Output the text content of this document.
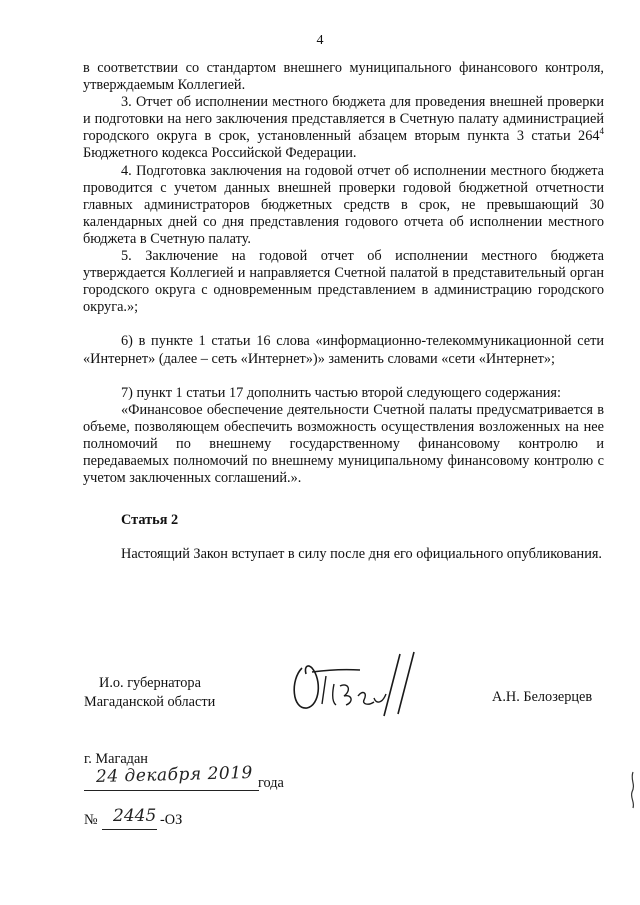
4

в соответствии со стандартом внешнего муниципального финансового контроля, утверждаемым Коллегией.

3. Отчет об исполнении местного бюджета для проведения внешней проверки и подготовки на него заключения представляется в Счетную палату администрацией городского округа в срок, установленный абзацем вторым пункта 3 статьи $264^4$ Бюджетного кодекса Российской Федерации.

4. Подготовка заключения на годовой отчет об исполнении местного бюджета проводится с учетом данных внешней проверки годовой бюджетной отчетности главных администраторов бюджетных средств в срок, не превышающий 30 календарных дней со дня представления годового отчета об исполнении местного бюджета в Счетную палату.

5. Заключение на годовой отчет об исполнении местного бюджета утверждается Коллегией и направляется Счетной палатой в представительный орган городского округа с одновременным представлением в администрацию городского округа.»;

6) в пункте 1 статьи 16 слова «информационно-телекоммуникационной сети «Интернет» (далее – сеть «Интернет»)» заменить словами «сети «Интернет»;

7) пункт 1 статьи 17 дополнить частью второй следующего содержания:

«Финансовое обеспечение деятельности Счетной палаты предусматривается в объеме, позволяющем обеспечить возможность осуществления возложенных на нее полномочий по внешнему государственному финансовому контролю и передаваемых полномочий по внешнему муниципальному финансовому контролю с учетом заключенных соглашений.».

Статья 2

Настоящий Закон вступает в силу после дня его официального опубликования.

И.о. губернатора
Магаданской области	А.Н. Белозерцев
г. Магадан
24 декабря 2019 года
№ 2445 -ОЗ
